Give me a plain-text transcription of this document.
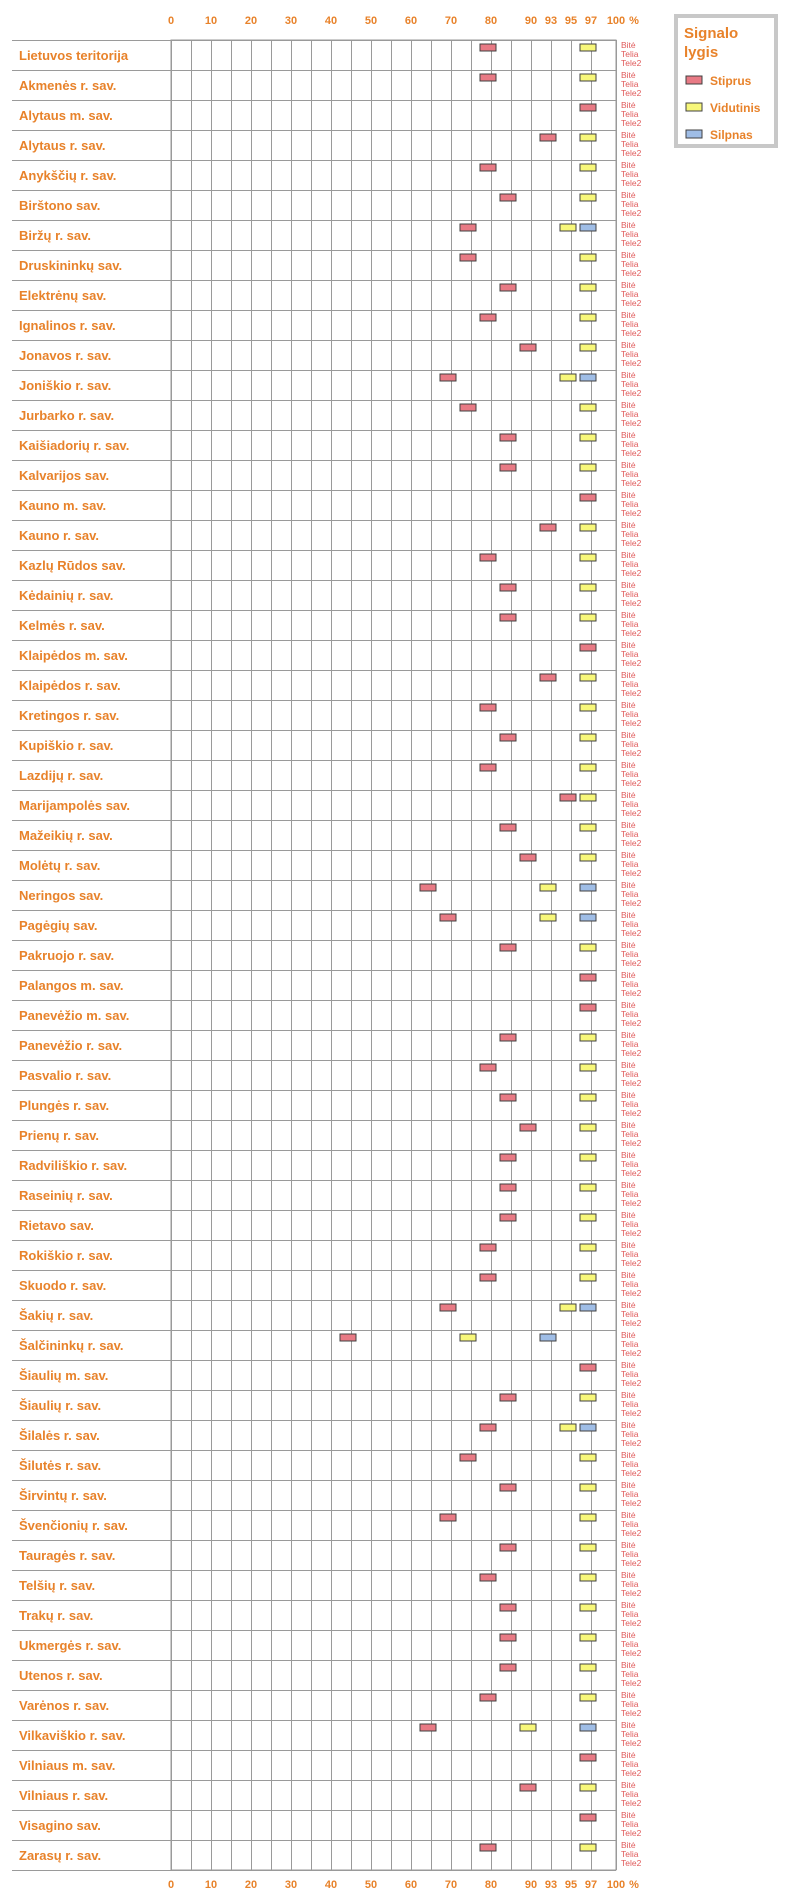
Lietuvos teritorija
Akmenės r. sav.
Alytaus m. sav.
Alytaus r. sav.
Anykščių r. sav.
Birštono sav.
Biržų r. sav.
Druskininkų sav.
Elektrėnų sav.
Ignalinos r. sav.
Jonavos r. sav.
Joniškio r. sav.
Jurbarko r. sav.
Kaišiadorių r. sav.
Kalvarijos sav.
Kauno m. sav.
Kauno r. sav.
Kazlų Rūdos sav.
Kėdainių r. sav.
Kelmės r. sav.
Klaipėdos m. sav.
Klaipėdos r. sav.
Kretingos r. sav.
Kupiškio r. sav.
Lazdijų r. sav.
Marijampolės sav.
Mažeikių r. sav.
Molėtų r. sav.
Neringos sav.
Pagėgių sav.
Pakruojo r. sav.
Palangos m. sav.
Panevėžio m. sav.
Panevėžio r. sav.
Pasvalio r. sav.
Plungės r. sav.
Prienų r. sav.
Radviliškio r. sav.
Raseinių r. sav.
Rietavo sav.
Rokiškio r. sav.
Skuodo r. sav.
Šakių r. sav.
Šalčininkų r. sav.
Šiaulių m. sav.
Šiaulių r. sav.
Šilalės r. sav.
Šilutės r. sav.
Širvintų r. sav.
Švenčionių r. sav.
Tauragės r. sav.
Telšių r. sav.
Trakų r. sav.
Ukmergės r. sav.
Utenos r. sav.
Varėnos r. sav.
Vilkaviškio r. sav.
Vilniaus m. sav.
Vilniaus r. sav.
Visagino sav.
Zarasų r. sav.
Bitė
Telia
Tele2
Bitė
Telia
Tele2
Bitė
Telia
Tele2
Bitė
Telia
Tele2
Bitė
Telia
Tele2
Bitė
Telia
Tele2
Bitė
Telia
Tele2
Bitė
Telia
Tele2
Bitė
Telia
Tele2
Bitė
Telia
Tele2
Bitė
Telia
Tele2
Bitė
Telia
Tele2
Bitė
Telia
Tele2
Bitė
Telia
Tele2
Bitė
Telia
Tele2
Bitė
Telia
Tele2
Bitė
Telia
Tele2
Bitė
Telia
Tele2
Bitė
Telia
Tele2
Bitė
Telia
Tele2
Bitė
Telia
Tele2
Bitė
Telia
Tele2
Bitė
Telia
Tele2
Bitė
Telia
Tele2
Bitė
Telia
Tele2
Bitė
Telia
Tele2
Bitė
Telia
Tele2
Bitė
Telia
Tele2
Bitė
Telia
Tele2
Bitė
Telia
Tele2
Bitė
Telia
Tele2
Bitė
Telia
Tele2
Bitė
Telia
Tele2
Bitė
Telia
Tele2
Bitė
Telia
Tele2
Bitė
Telia
Tele2
Bitė
Telia
Tele2
Bitė
Telia
Tele2
Bitė
Telia
Tele2
Bitė
Telia
Tele2
Bitė
Telia
Tele2
Bitė
Telia
Tele2
Bitė
Telia
Tele2
Bitė
Telia
Tele2
Bitė
Telia
Tele2
Bitė
Telia
Tele2
Bitė
Telia
Tele2
Bitė
Telia
Tele2
Bitė
Telia
Tele2
Bitė
Telia
Tele2
Bitė
Telia
Tele2
Bitė
Telia
Tele2
Bitė
Telia
Tele2
Bitė
Telia
Tele2
Bitė
Telia
Tele2
Bitė
Telia
Tele2
Bitė
Telia
Tele2
Bitė
Telia
Tele2
Bitė
Telia
Tele2
Bitė
Telia
Tele2
Bitė
Telia
Tele2
0	10	20	30	40	50	60	70	80	90 93 95 97 100 %
0	10	20	30	40	50	60	70	80	90 93 95 97 100 %
Signalo
lygis
Stiprus
Vidutinis
Silpnas
